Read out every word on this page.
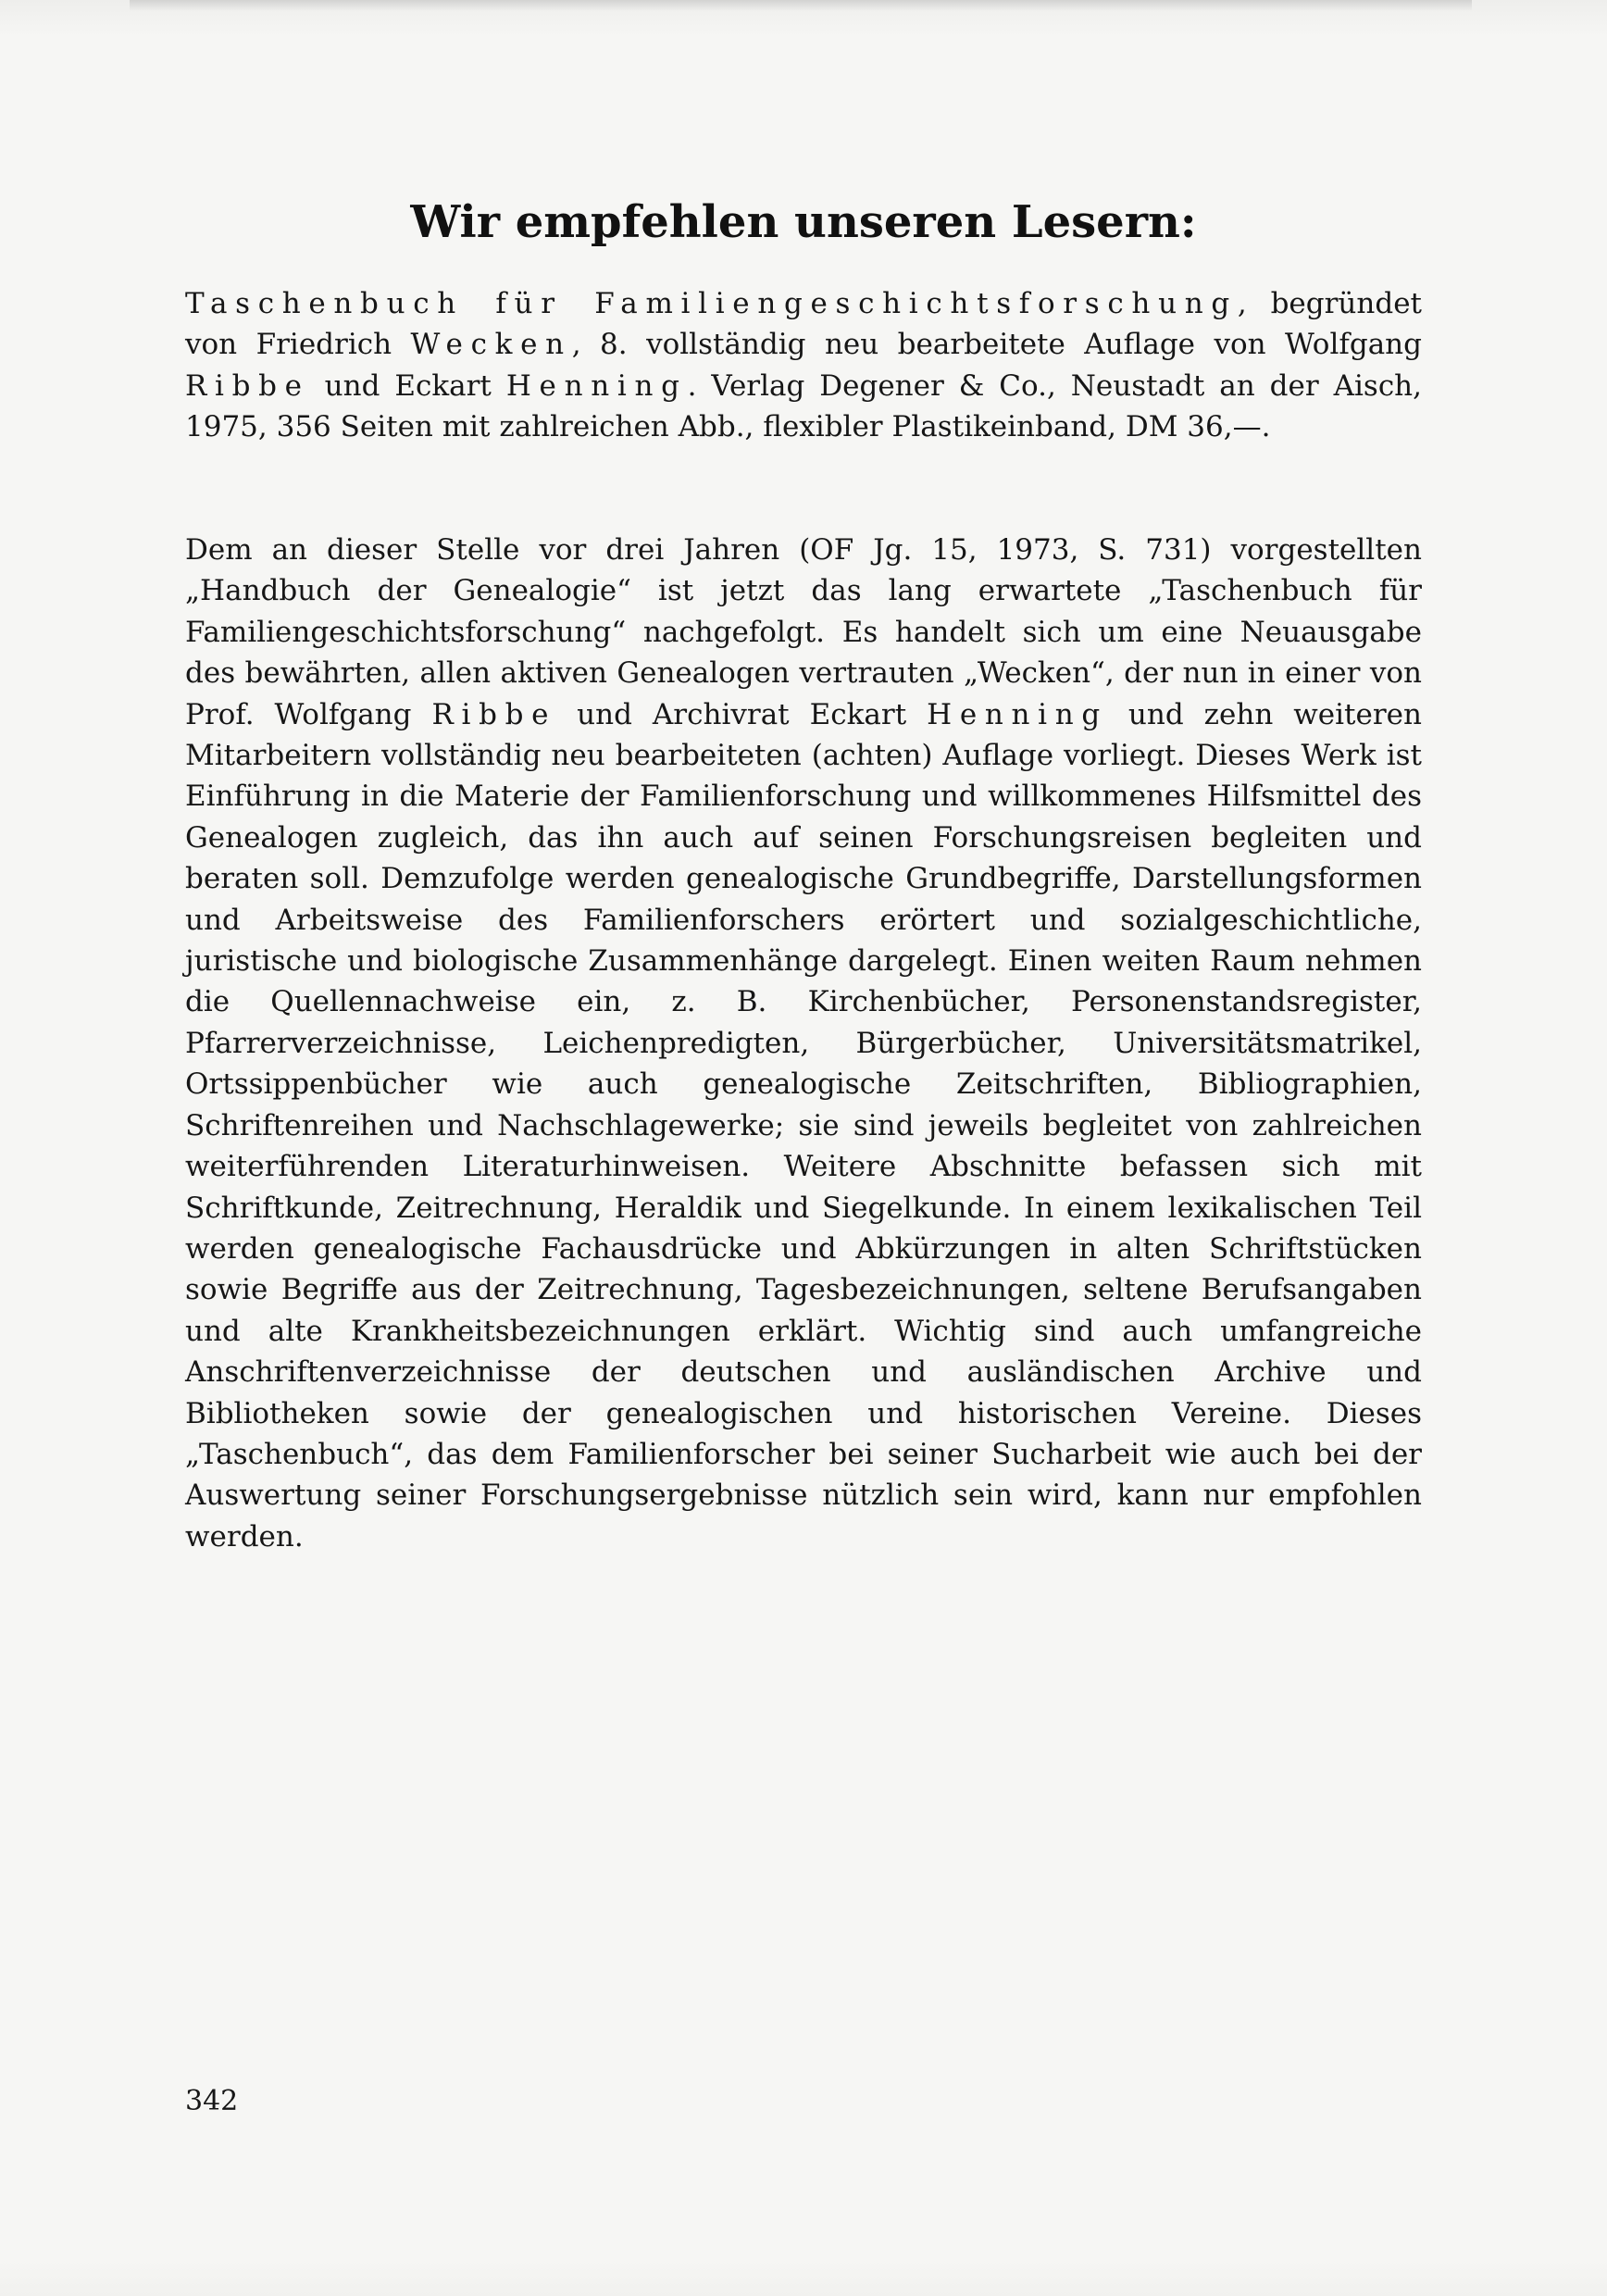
Wir empfehlen unseren Lesern:

Taschenbuch für Familiengeschichtsforschung, begründet von Friedrich Wecken, 8. vollständig neu bearbeitete Auflage von Wolfgang Ribbe und Eckart Henning. Verlag Degener & Co., Neustadt an der Aisch, 1975, 356 Seiten mit zahlreichen Abb., flexibler Plastikeinband, DM 36,—.

Dem an dieser Stelle vor drei Jahren (OF Jg. 15, 1973, S. 731) vorgestellten „Handbuch der Genealogie“ ist jetzt das lang erwartete „Taschenbuch für Familiengeschichtsforschung“ nachgefolgt. Es handelt sich um eine Neuausgabe des bewährten, allen aktiven Genealogen vertrauten „Wecken“, der nun in einer von Prof. Wolfgang Ribbe und Archivrat Eckart Henning und zehn weiteren Mitarbeitern vollständig neu bearbeiteten (achten) Auflage vorliegt. Dieses Werk ist Einführung in die Materie der Familienforschung und willkommenes Hilfsmittel des Genealogen zugleich, das ihn auch auf seinen Forschungsreisen begleiten und beraten soll. Demzufolge werden genealogische Grundbegriffe, Darstellungsformen und Arbeitsweise des Familienforschers erörtert und sozialgeschichtliche, juristische und biologische Zusammenhänge dargelegt. Einen weiten Raum nehmen die Quellennachweise ein, z. B. Kirchenbücher, Personenstandsregister, Pfarrerverzeichnisse, Leichenpredigten, Bürgerbücher, Universitätsmatrikel, Ortssippenbücher wie auch genealogische Zeitschriften, Bibliographien, Schriftenreihen und Nachschlagewerke; sie sind jeweils begleitet von zahlreichen weiterführenden Literaturhinweisen. Weitere Abschnitte befassen sich mit Schriftkunde, Zeitrechnung, Heraldik und Siegelkunde. In einem lexikalischen Teil werden genealogische Fachausdrücke und Abkürzungen in alten Schriftstücken sowie Begriffe aus der Zeitrechnung, Tagesbezeichnungen, seltene Berufsangaben und alte Krankheitsbezeichnungen erklärt. Wichtig sind auch umfangreiche Anschriftenverzeichnisse der deutschen und ausländischen Archive und Bibliotheken sowie der genealogischen und historischen Vereine. Dieses „Taschenbuch“, das dem Familienforscher bei seiner Sucharbeit wie auch bei der Auswertung seiner Forschungsergebnisse nützlich sein wird, kann nur empfohlen werden.

342
